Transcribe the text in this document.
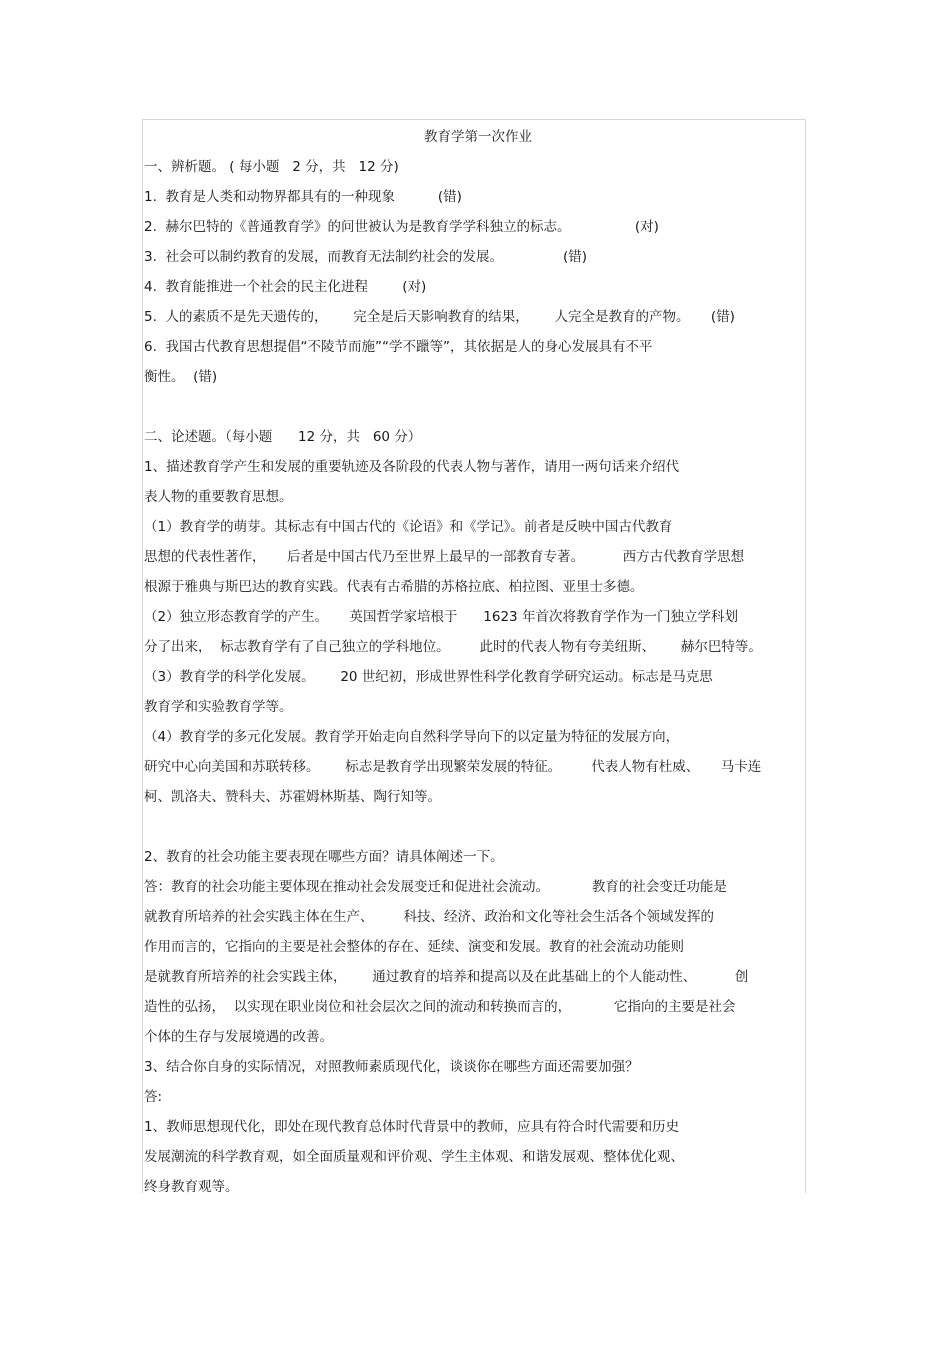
教育学第一次作业
一、辨析题。 ( 每小题   2 分，共   12 分)
1.  教育是人类和动物界都具有的一种现象          (错)
2.  赫尔巴特的《普通教育学》的问世被认为是教育学学科独立的标志。               (对)
3.  社会可以制约教育的发展，而教育无法制约社会的发展。              (错)
4.  教育能推进一个社会的民主化进程        (对)
5.  人的素质不是先天遗传的，      完全是后天影响教育的结果，      人完全是教育的产物。     (错)
6.  我国古代教育思想提倡“不陵节而施”“学不躐等”，其依据是人的身心发展具有不平
衡性。  (错)
二、论述题。（每小题      12 分，共   60 分）
1、描述教育学产生和发展的重要轨迹及各阶段的代表人物与著作，请用一两句话来介绍代
表人物的重要教育思想。
（1）教育学的萌芽。其标志有中国古代的《论语》和《学记》。前者是反映中国古代教育
思想的代表性著作，     后者是中国古代乃至世界上最早的一部教育专著。         西方古代教育学思想
根源于雅典与斯巴达的教育实践。代表有古希腊的苏格拉底、柏拉图、亚里士多德。
（2）独立形态教育学的产生。     英国哲学家培根于      1623 年首次将教育学作为一门独立学科划
分了出来，  标志教育学有了自己独立的学科地位。       此时的代表人物有夸美纽斯、      赫尔巴特等。
（3）教育学的科学化发展。      20 世纪初，形成世界性科学化教育学研究运动。标志是马克思
教育学和实验教育学等。
（4）教育学的多元化发展。教育学开始走向自然科学导向下的以定量为特征的发展方向，
研究中心向美国和苏联转移。      标志是教育学出现繁荣发展的特征。       代表人物有杜威、     马卡连
柯、凯洛夫、赞科夫、苏霍姆林斯基、陶行知等。
2、教育的社会功能主要表现在哪些方面？请具体阐述一下。
答：教育的社会功能主要体现在推动社会发展变迁和促进社会流动。          教育的社会变迁功能是
就教育所培养的社会实践主体在生产、       科技、经济、政治和文化等社会生活各个领域发挥的
作用而言的，它指向的主要是社会整体的存在、延续、演变和发展。教育的社会流动功能则
是就教育所培养的社会实践主体，      通过教育的培养和提高以及在此基础上的个人能动性、         创
造性的弘扬，  以实现在职业岗位和社会层次之间的流动和转换而言的，          它指向的主要是社会
个体的生存与发展境遇的改善。
3、结合你自身的实际情况，对照教师素质现代化，谈谈你在哪些方面还需要加强？
答:
1、教师思想现代化，即处在现代教育总体时代背景中的教师，应具有符合时代需要和历史
发展潮流的科学教育观，如全面质量观和评价观、学生主体观、和谐发展观、整体优化观、
终身教育观等。
